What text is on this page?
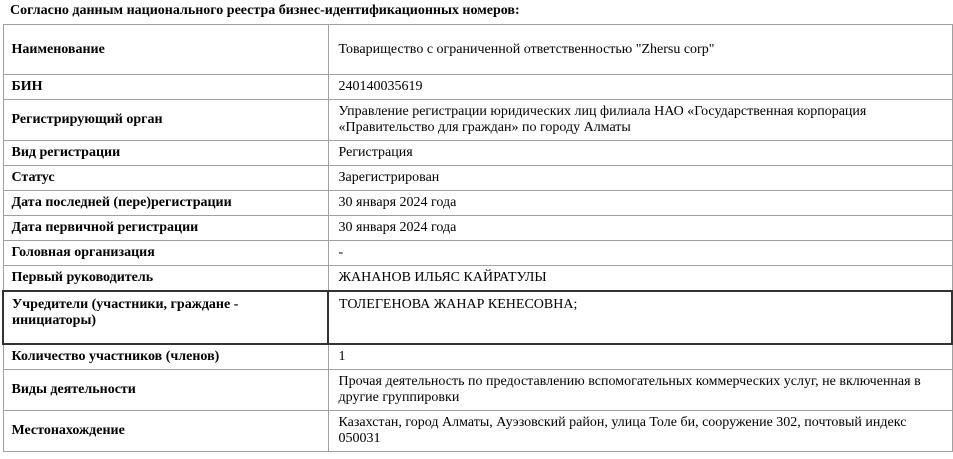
Согласно данным национального реестра бизнес-идентификационных номеров:
Наименование	Товарищество с ограниченной ответственностью "Zhersu corp"
БИН	240140035619
Регистрирующий орган	Управление регистрации юридических лиц филиала НАО «Государственная корпорация «Правительство для граждан» по городу Алматы
Вид регистрации	Регистрация
Статус	Зарегистрирован
Дата последней (пере)регистрации	30 января 2024 года
Дата первичной регистрации	30 января 2024 года
Головная организация	-
Первый руководитель	ЖАНАНОВ ИЛЬЯС КАЙРАТУЛЫ
Учредители (участники, граждане - инициаторы)	ТОЛЕГЕНОВА ЖАНАР КЕНЕСОВНА;
Количество участников (членов)	1
Виды деятельности	Прочая деятельность по предоставлению вспомогательных коммерческих услуг, не включенная в другие группировки
Местонахождение	Казахстан, город Алматы, Ауэзовский район, улица Толе би, сооружение 302, почтовый индекс 050031
